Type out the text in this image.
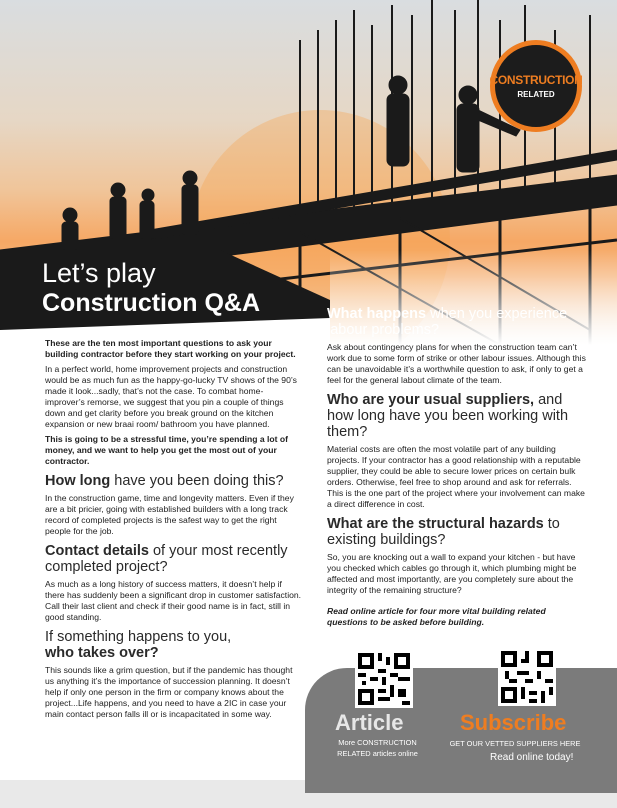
CONSTRUCTION
RELATED
Let’s play
Construction Q&A

These are the ten most important questions to ask your building contractor before they start working on your project.

In a perfect world, home improvement projects and construction would be as much fun as the happy-go-lucky TV shows of the 90’s made it look...sadly, that’s not the case. To combat home-improver’s remorse, we suggest that you pin a couple of things down and get clarity before you break ground on the kitchen expansion or new braai room/ bathroom you have planned.

This is going to be a stressful time, you’re spending a lot of money, and we want to help you get the most out of your contractor.

How long have you been doing this?

In the construction game, time and longevity matters. Even if they are a bit pricier, going with established builders with a long track record of completed projects is the safest way to get the right people for the job.

Contact details of your most recently completed project?

As much as a long history of success matters, it doesn’t help if there has suddenly been a significant drop in customer satisfaction. Call their last client and check if their good name is in fact, still in good standing.

If something happens to you,
who takes over?

This sounds like a grim question, but if the pandemic has thought us anything it’s the importance of succession planning. It doesn’t help if only one person in the firm or company knows about the project...Life happens, and you need to have a 2IC in case your main contact person falls ill or is incapacitated in some way.

What happens when you experience labour problems?

Ask about contingency plans for when the construction team can’t work due to some form of strike or other labour issues. Although this can be unavoidable it’s a worthwhile question to ask, if only to get a feel for the general labout climate of the team.

Who are your usual suppliers, and how long have you been working with them?

Material costs are often the most volatile part of any building projects. If your contractor has a good relationship with a reputable supplier, they could be able to secure lower prices on certain bulk orders. Otherwise, feel free to shop around and ask for referrals. This is the one part of the project where your involvement can make a direct difference in cost.

What are the structural hazards to existing buildings?

So, you are knocking out a wall to expand your kitchen - but have you checked which cables go through it, which plumbing might be affected and most importantly, are you completely sure about the integrity of the remaining structure?

Read online article for four more vital building related questions to be asked before building.

Article	Subscribe
More CONSTRUCTION RELATED articles online
GET OUR VETTED SUPPLIERS HERE
Read online today!
